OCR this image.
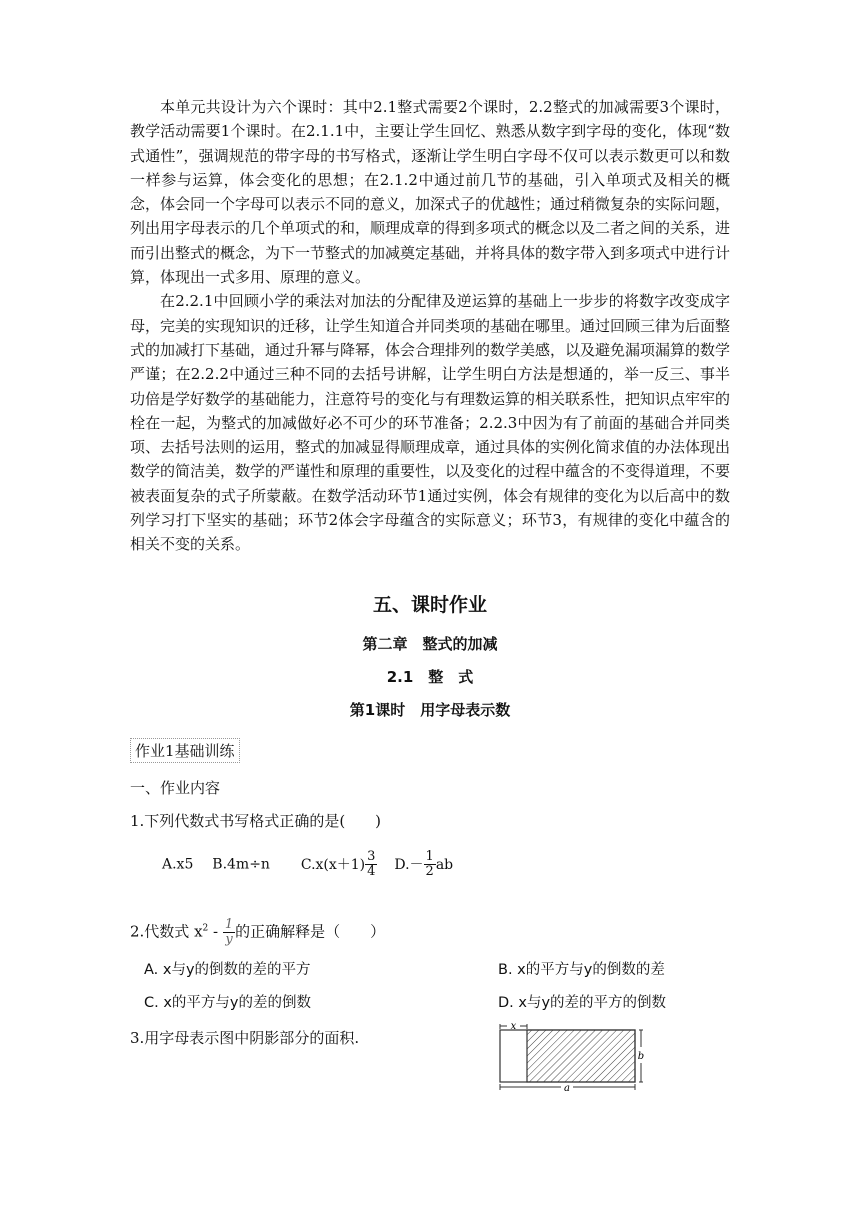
本单元共设计为六个课时：其中2.1整式需要2个课时，2.2整式的加减需要3个课时，教学活动需要1个课时。在2.1.1中，主要让学生回忆、熟悉从数字到字母的变化，体现“数式通性”，强调规范的带字母的书写格式，逐渐让学生明白字母不仅可以表示数更可以和数一样参与运算，体会变化的思想；在2.1.2中通过前几节的基础，引入单项式及相关的概念，体会同一个字母可以表示不同的意义，加深式子的优越性；通过稍微复杂的实际问题，列出用字母表示的几个单项式的和，顺理成章的得到多项式的概念以及二者之间的关系，进而引出整式的概念，为下一节整式的加减奠定基础，并将具体的数字带入到多项式中进行计算，体现出一式多用、原理的意义。

在2.2.1中回顾小学的乘法对加法的分配律及逆运算的基础上一步步的将数字改变成字母，完美的实现知识的迁移，让学生知道合并同类项的基础在哪里。通过回顾三律为后面整式的加减打下基础，通过升幂与降幂，体会合理排列的数学美感，以及避免漏项漏算的数学严谨；在2.2.2中通过三种不同的去括号讲解，让学生明白方法是想通的，举一反三、事半功倍是学好数学的基础能力，注意符号的变化与有理数运算的相关联系性，把知识点牢牢的栓在一起，为整式的加减做好必不可少的环节准备；2.2.3中因为有了前面的基础合并同类项、去括号法则的运用，整式的加减显得顺理成章，通过具体的实例化简求值的办法体现出数学的简洁美，数学的严谨性和原理的重要性，以及变化的过程中蕴含的不变得道理，不要被表面复杂的式子所蒙蔽。在数学活动环节1通过实例，体会有规律的变化为以后高中的数列学习打下坚实的基础；环节2体会字母蕴含的实际意义；环节3，有规律的变化中蕴含的相关不变的关系。

五、课时作业
第二章　整式的加减
2.1　整　式
第1课时　用字母表示数
作业1基础训练
一、作业内容
1.下列代数式书写格式正确的是(　　)
A.x5 B.4m÷n $C.x(x+1) \frac{3}{4} D.- \frac{1}{2}$ ab
2.代数式 $x^2 - \frac{1}{y}$ 的正确解释是（　　）
A. x与y的倒数的差的平方	B. x的平方与y的倒数的差
C. x的平方与y的差的倒数	D. x与y的差的平方的倒数
3.用字母表示图中阴影部分的面积.
x
b
a
